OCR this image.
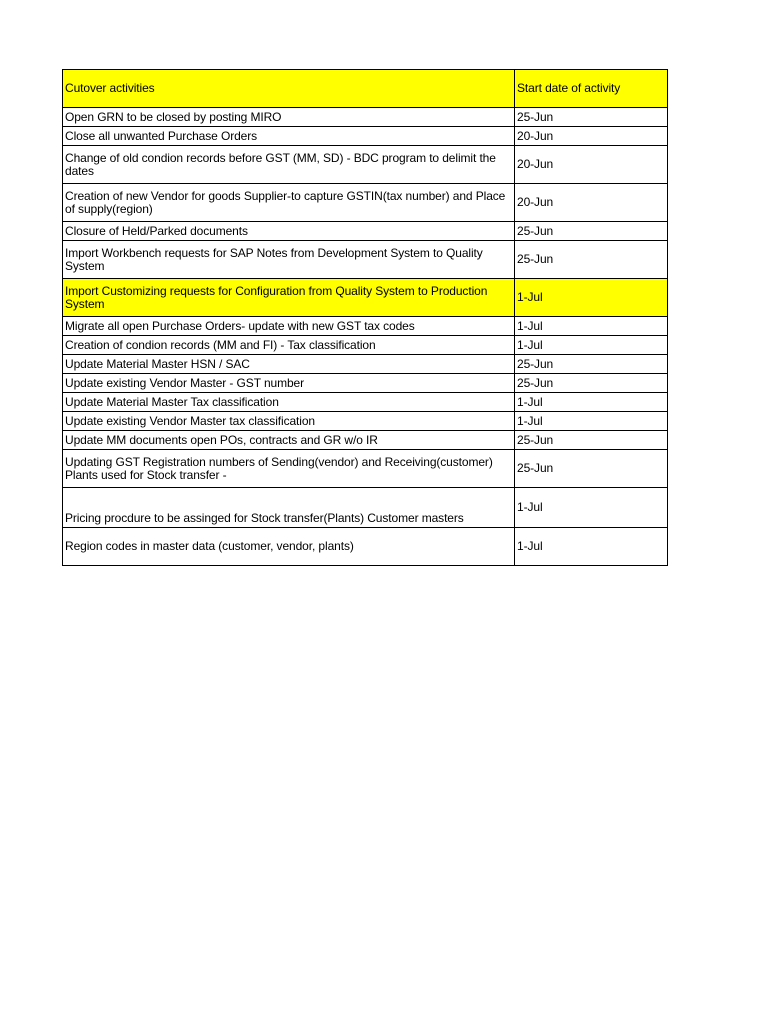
Cutover activities	Start date of activity
Open GRN to be closed by posting MIRO	25-Jun
Close all unwanted Purchase Orders	20-Jun
Change of old condion records before GST (MM, SD) - BDC program to delimit the dates	20-Jun
Creation of new Vendor for goods Supplier-to capture GSTIN(tax number) and Place of supply(region)	20-Jun
Closure of Held/Parked documents	25-Jun
Import Workbench requests for SAP Notes from Development System to Quality System	25-Jun
Import Customizing requests for Configuration from Quality System to Production System	1-Jul
Migrate all open Purchase Orders- update with new GST tax codes	1-Jul
Creation of condion records (MM and FI) - Tax classification	1-Jul
Update Material Master HSN / SAC	25-Jun
Update existing Vendor Master - GST number	25-Jun
Update Material Master Tax classification	1-Jul
Update existing Vendor Master tax classification	1-Jul
Update MM documents open POs, contracts and GR w/o IR	25-Jun
Updating GST Registration numbers of Sending(vendor) and Receiving(customer) Plants used for Stock transfer -	25-Jun
Pricing procdure to be assinged for Stock transfer(Plants) Customer masters	1-Jul
Region codes in master data (customer, vendor, plants)	1-Jul
